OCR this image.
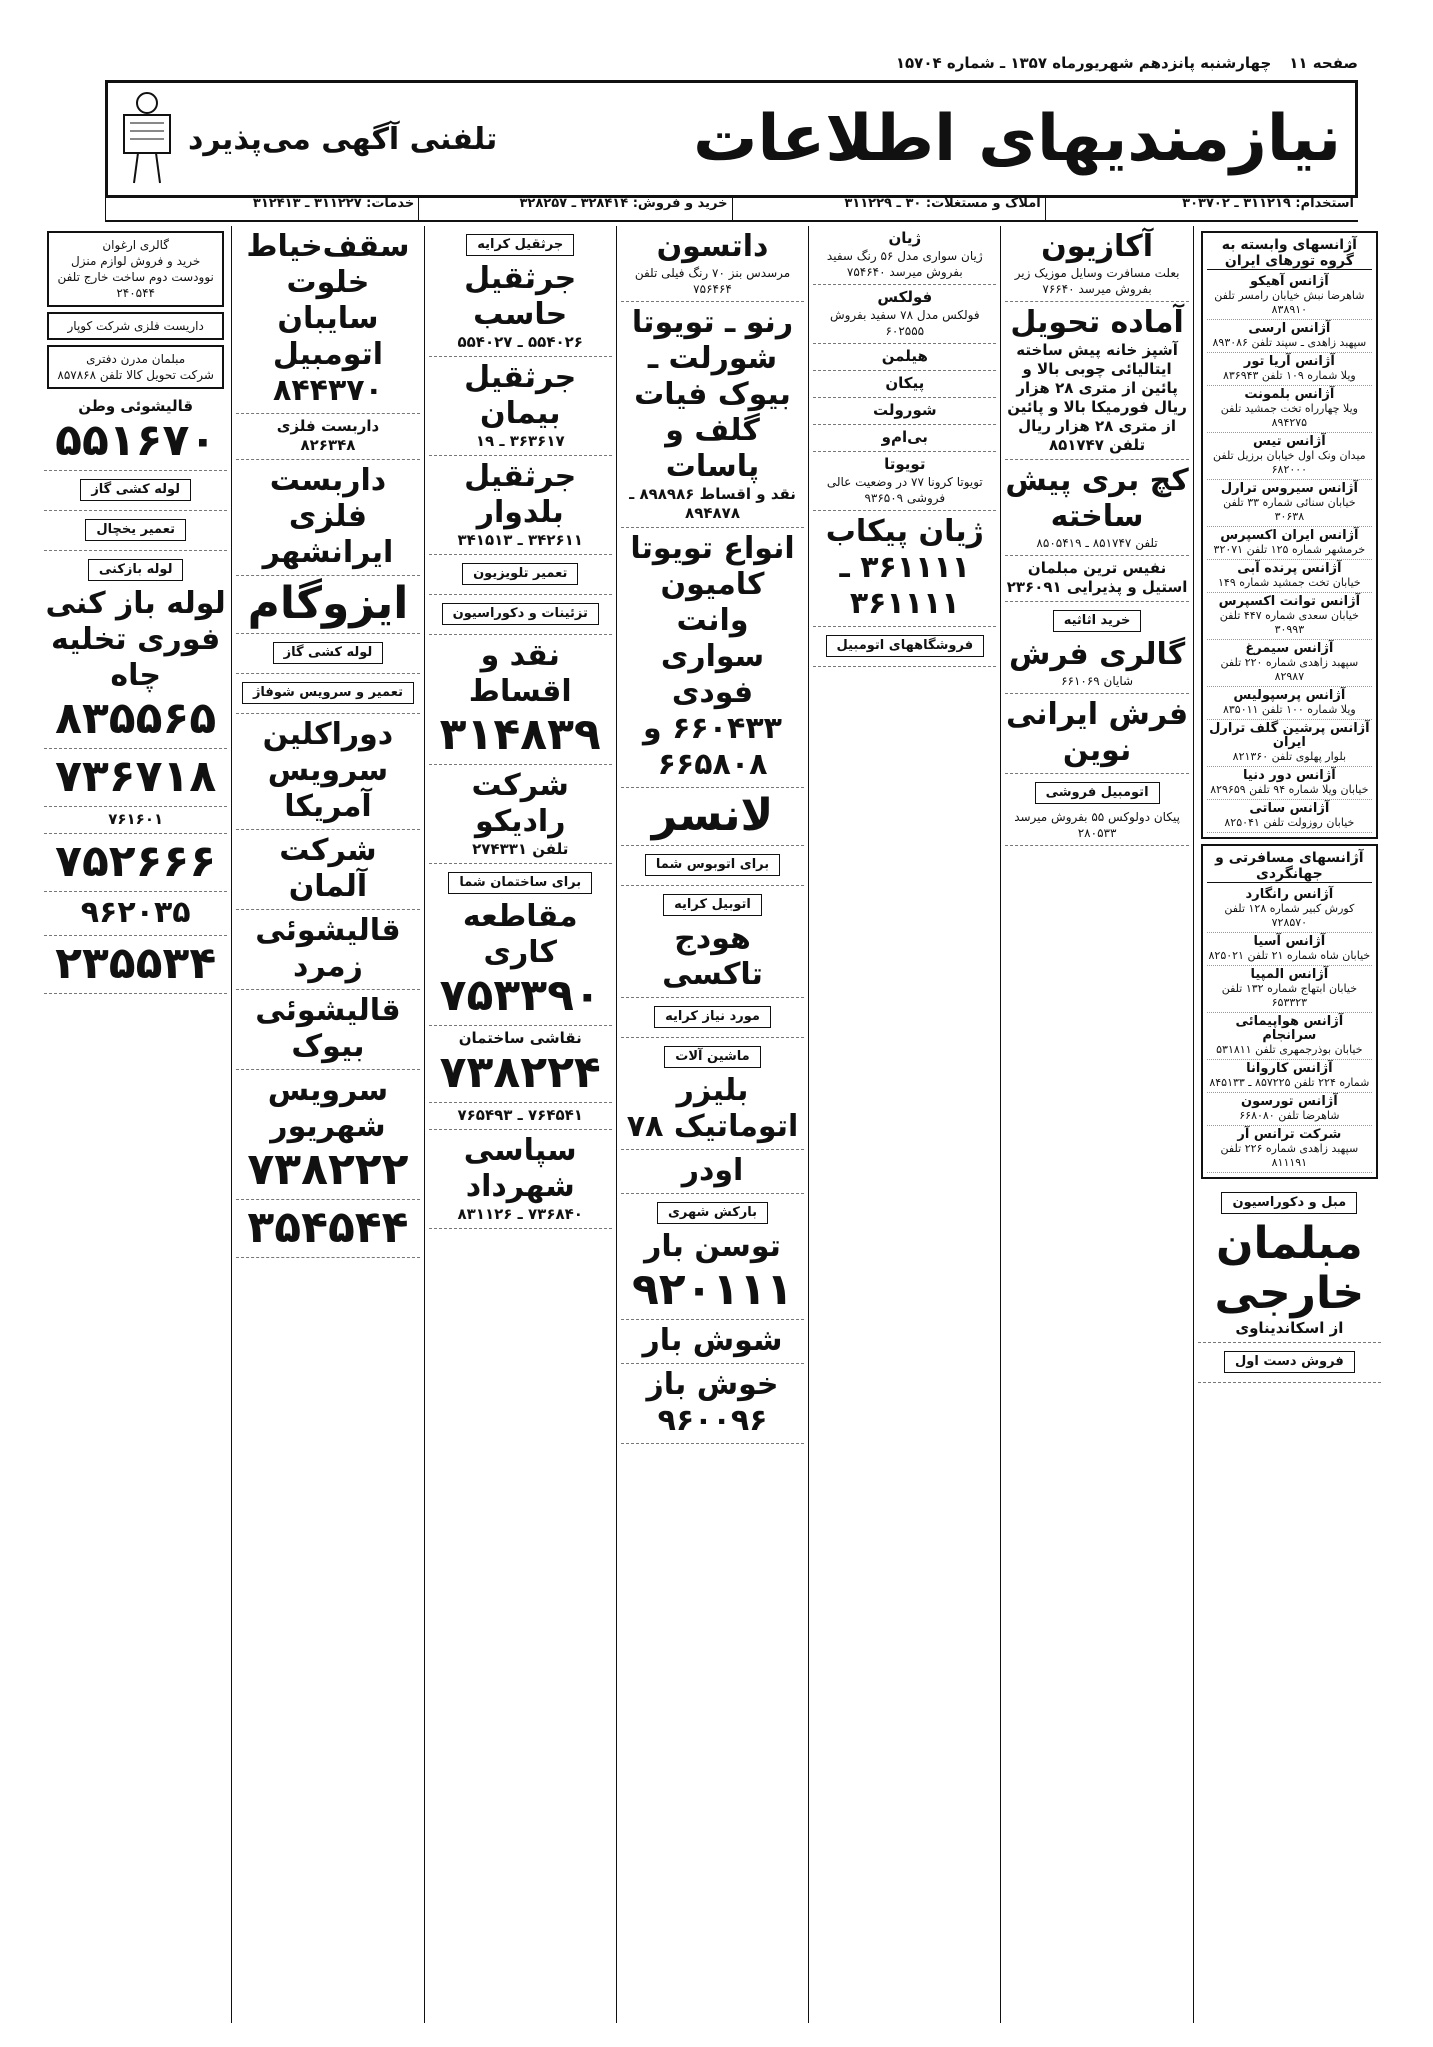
صفحه ۱۱
چهارشنبه پانزدهم شهریورماه ۱۳۵۷ ـ شماره ۱۵۷۰۴
نیازمندیهای اطلاعات
تلفنی آگهی می‌پذیرد
استخدام: ۳۱۱۲۱۹ ـ ۳۰۳۷۰۲
املاک و مستغلات: ۳۰ ـ ۳۱۱۲۲۹
خرید و فروش: ۳۲۸۴۱۴ ـ ۳۲۸۲۵۷
خدمات: ۳۱۱۲۲۷ ـ ۳۱۲۴۱۳
آژانسهای وابسته به گروه تورهای ایران
آژانس آهیکو
شاهرضا نبش خیابان رامسر تلفن ۸۳۸۹۱۰
آژانس ارسی
سپهبد زاهدی ـ سپند تلفن ۸۹۳۰۸۶
آژانس آریا تور
ویلا شماره ۱۰۹ تلفن ۸۳۶۹۴۳
آژانس بلمونت
ویلا چهارراه تخت جمشید تلفن ۸۹۴۲۷۵
آژانس تیس
میدان ونک اول خیابان برزیل تلفن ۶۸۲۰۰۰
آژانس سیروس ترارل
خیابان سنائی شماره ۳۳ تلفن ۳۰۶۳۸
آژانس ایران اکسپرس
خرمشهر شماره ۱۲۵ تلفن ۳۲۰۷۱
آژانس پرنده آبی
خیابان تخت جمشید شماره ۱۴۹
آژانس توانت اکسپرس
خیابان سعدی شماره ۴۴۷ تلفن ۳۰۹۹۳
آژانس سیمرغ
سپهبد زاهدی شماره ۲۲۰ تلفن ۸۲۹۸۷
آژانس پرسپولیس
ویلا شماره ۱۰۰ تلفن ۸۳۵۰۱۱
آژانس پرشین گلف ترارل ایران
بلوار پهلوی تلفن ۸۲۱۳۶۰
آژانس دور دنیا
خیابان ویلا شماره ۹۴ تلفن ۸۲۹۶۵۹
آژانس ساتی
خیابان روزولت تلفن ۸۲۵۰۴۱
آژانسهای مسافرتی و جهانگردی
آژانس رانگارد
کورش کبیر شماره ۱۲۸ تلفن ۷۲۸۵۷۰
آژانس آسیا
خیابان شاه شماره ۲۱ تلفن ۸۲۵۰۲۱
آژانس المپیا
خیابان ابتهاج شماره ۱۳۲ تلفن ۶۵۳۳۲۳
آژانس هواپیمائی سرانجام
خیابان بوذرجمهری تلفن ۵۳۱۸۱۱
آژانس کاروانا
شماره ۲۲۴ تلفن ۸۵۷۲۲۵ ـ ۸۴۵۱۳۳
آژانس تورسون
شاهرضا تلفن ۶۶۸۰۸۰
شرکت ترانس آر
سپهبد زاهدی شماره ۲۲۶ تلفن ۸۱۱۱۹۱
مبل و دکوراسیون
مبلمان خارجی
از اسکاندیناوی
فروش دست اول
آکازیون
بعلت مسافرت وسایل موزیک زیر بفروش میرسد ۷۶۶۴۰
آماده تحویل
آشپز خانه پیش ساخته ایتالیائی چوبی بالا و پائین از متری ۲۸ هزار ریال فورمیکا بالا و پائین از متری ۲۸ هزار ریال تلفن ۸۵۱۷۴۷
کچ بری پیش ساخته
تلفن ۸۵۱۷۴۷ ـ ۸۵۰۵۴۱۹
نفیس ترین مبلمان استیل و پذیرایی ۲۳۶۰۹۱
خرید اثاثیه
گالری فرش
شایان ۶۶۱۰۶۹
فرش ایرانی نوین
اتومبیل فروشی
پیکان دولوکس ۵۵ بفروش میرسد ۲۸۰۵۳۳
ژیان
ژیان سواری مدل ۵۶ رنگ سفید بفروش میرسد ۷۵۴۶۴۰
فولکس
فولکس مدل ۷۸ سفید بفروش ۶۰۲۵۵۵
هیلمن
پیکان
شورولت
بی‌ام‌و
تویوتا
تویوتا کرونا ۷۷ در وضعیت عالی فروشی ۹۳۶۵۰۹
ژیان پیکاب
۳۶۱۱۱۱ ـ ۳۶۱۱۱۱
فروشگاههای اتومبیل
داتسون
مرسدس بنز ۷۰ رنگ فیلی تلفن ۷۵۶۴۶۴
رنو ـ تویوتا شورلت ـ بیوک فیات گلف و پاسات
نقد و اقساط ۸۹۸۹۸۶ ـ ۸۹۴۸۷۸
انواع تویوتا کامیون وانت سواری فودی
۶۶۰۴۳۳ و ۶۶۵۸۰۸
لانسر
برای اتوبوس شما
اتوبیل کرایه
هودج تاکسی
مورد نیاز کرایه
ماشین آلات
بلیزر اتوماتیک ۷۸
اودر
بارکش شهری
توسن بار
۹۲۰۱۱۱
شوش بار
خوش باز
۹۶۰۰۹۶
جرثقیل کرایه
جرثقیل حاسب
۵۵۴۰۲۶ ـ ۵۵۴۰۲۷
جرثقیل بیمان
۳۶۳۶۱۷ ـ ۱۹
جرثقیل بلدوار
۳۴۲۶۱۱ ـ ۳۴۱۵۱۳
تعمیر تلویزیون
تزئینات و دکوراسیون
نقد و اقساط
۳۱۴۸۳۹
شرکت رادیکو
تلفن ۲۷۴۳۳۱
برای ساختمان شما
مقاطعه کاری
۷۵۳۳۹۰
نقاشی ساختمان
۷۳۸۲۲۴
۷۶۴۵۴۱ ـ ۷۶۵۴۹۳
سپاسی شهرداد
۷۳۶۸۴۰ ـ ۸۳۱۱۲۶
سقف‌خیاط خلوت سایبان اتومبیل
۸۴۴۳۷۰
داربست فلزی
۸۲۶۳۴۸
داربست فلزی ایرانشهر
ایزوگام
لوله کشی گاز
تعمیر و سرویس شوفاژ
دوراکلین سرویس آمریکا
شرکت آلمان
قالیشوئی زمرد
قالیشوئی بیوک
سرویس شهریور
۷۳۸۲۲۲
۳۵۴۵۴۴
گالری ارغوان
خرید و فروش لوازم منزل نوودست دوم ساخت خارج تلفن ۲۴۰۵۴۴
داریست فلزی شرکت کوپار
مبلمان مدرن دفتری
شرکت تحویل کالا تلفن ۸۵۷۸۶۸
قالیشوئی وطن
۵۵۱۶۷۰
لوله کشی گاز
تعمیر یخچال
لوله بازکنی
لوله باز کنی فوری تخلیه چاه
۸۳۵۵۶۵
۷۳۶۷۱۸
۷۶۱۶۰۱
۷۵۲۶۶۶
۹۶۲۰۳۵
۲۳۵۵۳۴
